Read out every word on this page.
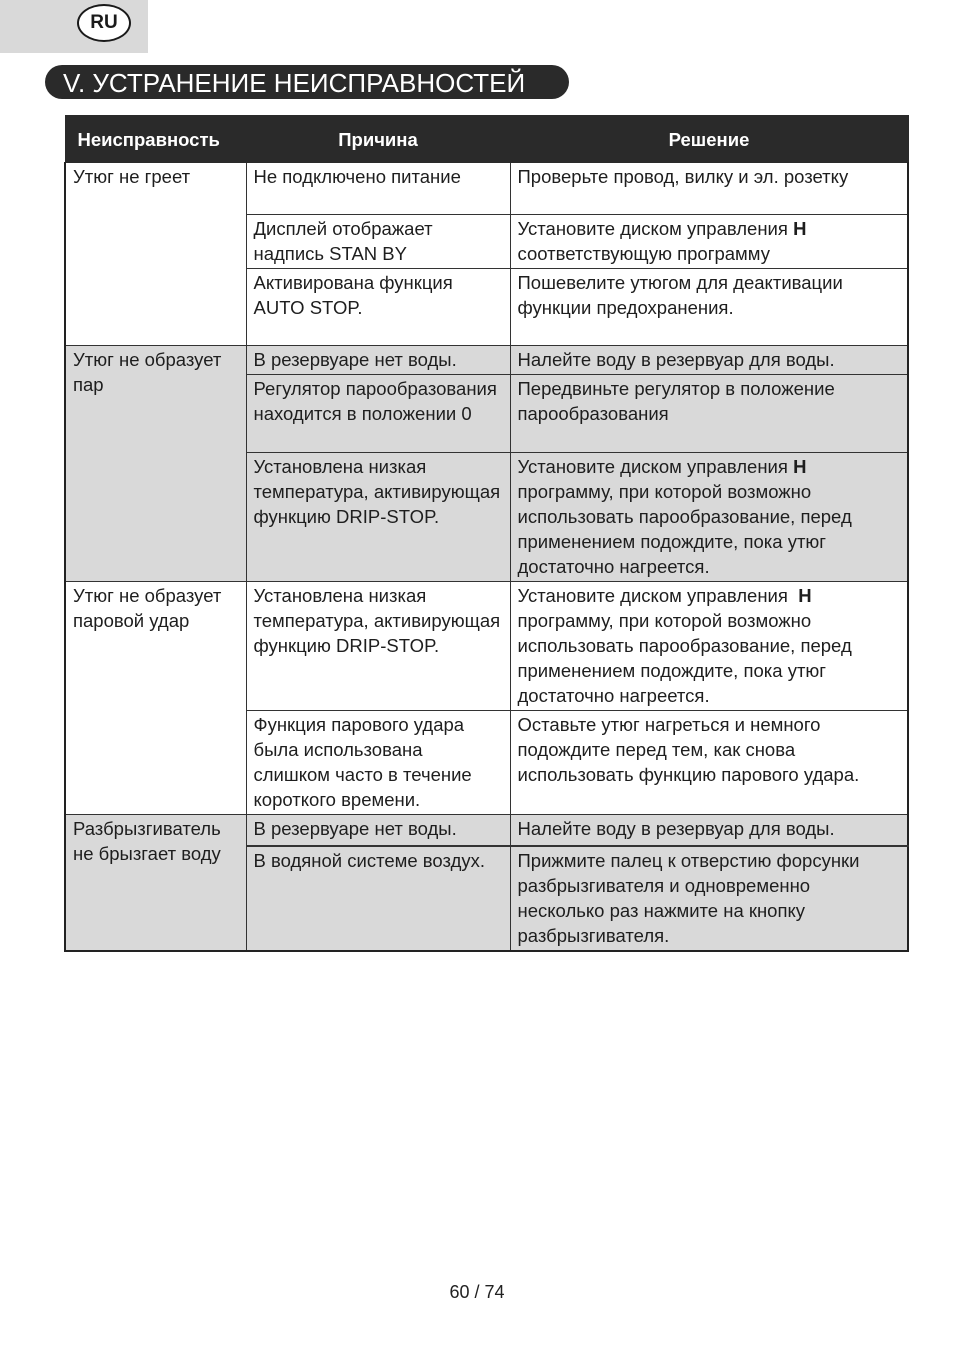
RU
V. УСТРАНЕНИЕ НЕИСПРАВНОСТЕЙ
Неисправность	Причина	Решение
Утюг не греет	Не подключено питание	Проверьте провод, вилку и эл. розетку
	Дисплей отображает надпись STAN BY	Установите диском управления H соответствующую программу
	Активирована функция AUTO STOP.	Пошевелите утюгом для деактивации функции предохранения.
Утюг не образует пар	В резервуаре нет воды.	Налейте воду в резервуар для воды.
	Регулятор парообразования находится в положении 0	Передвиньте регулятор в положение парообразования
	Установлена низкая температура, активирующая функцию DRIP-STOP.	Установите диском управления H программу, при которой возможно использовать парообразование, перед применением подождите, пока утюг достаточно нагреется.
Утюг не образует паровой удар	Установлена низкая температура, активирующая функцию DRIP-STOP.	Установите диском управления  H программу, при которой возможно использовать парообразование, перед применением подождите, пока утюг достаточно нагреется.
	Функция парового удара была использована слишком часто в течение короткого времени.	Оставьте утюг нагреться и немного подождите перед тем, как снова использовать функцию парового удара.
Разбрызгиватель не брызгает воду	В резервуаре нет воды.	Налейте воду в резервуар для воды.
	В водяной системе воздух.	Прижмите палец к отверстию форсунки разбрызгивателя и одновременно несколько раз нажмите на кнопку разбрызгивателя.
60 / 74
